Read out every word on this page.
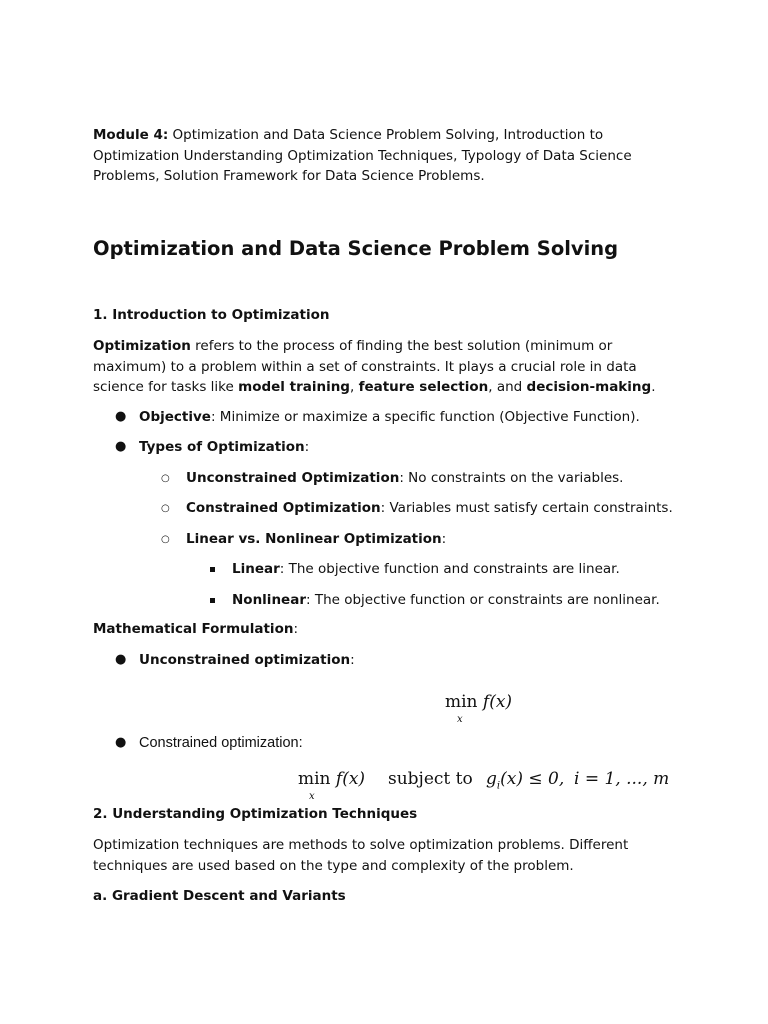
Module 4: Optimization and Data Science Problem Solving, Introduction to Optimization Understanding Optimization Techniques, Typology of Data Science Problems, Solution Framework for Data Science Problems.
Optimization and Data Science Problem Solving
1. Introduction to Optimization
Optimization refers to the process of finding the best solution (minimum or maximum) to a problem within a set of constraints. It plays a crucial role in data science for tasks like model training, feature selection, and decision-making.
● Objective: Minimize or maximize a specific function (Objective Function).
● Types of Optimization:
○ Unconstrained Optimization: No constraints on the variables.
○ Constrained Optimization: Variables must satisfy certain constraints.
○ Linear vs. Nonlinear Optimization:
Linear: The objective function and constraints are linear.
Nonlinear: The objective function or constraints are nonlinear.
Mathematical Formulation:
● Unconstrained optimization:
min f(x)
x
● Constrained optimization:
min f(x)
x
subject to $g_i(x) \le 0$, i = 1, ..., m
2. Understanding Optimization Techniques
Optimization techniques are methods to solve optimization problems. Different techniques are used based on the type and complexity of the problem.
a. Gradient Descent and Variants
